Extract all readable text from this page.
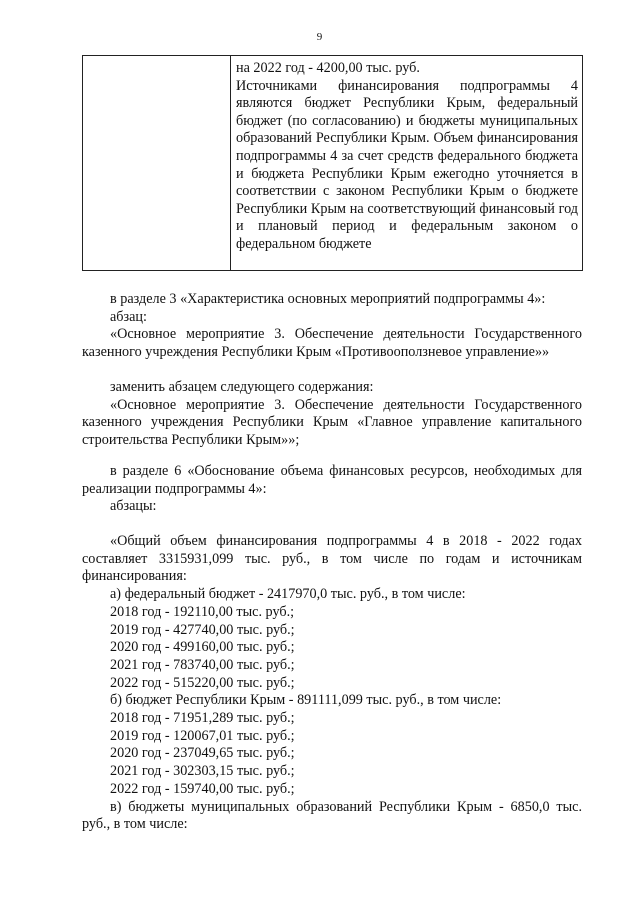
9

на 2022 год - 4200,00 тыс. руб.

Источниками финансирования подпрограммы 4 являются бюджет Республики Крым, федеральный бюджет (по согласованию) и бюджеты муниципальных образований Республики Крым. Объем финансирования подпрограммы 4 за счет средств федерального бюджета и бюджета Республики Крым ежегодно уточняется в соответствии с законом Республики Крым о бюджете Республики Крым на соответствующий финансовый год и плановый период и федеральным законом о федеральном бюджете

в разделе 3 «Характеристика основных мероприятий подпрограммы 4»:

абзац:

«Основное мероприятие 3. Обеспечение деятельности Государственного казенного учреждения Республики Крым «Противооползневое управление»»

заменить абзацем следующего содержания:

«Основное мероприятие 3. Обеспечение деятельности Государственного казенного учреждения Республики Крым «Главное управление капитального строительства Республики Крым»»;

в разделе 6 «Обоснование объема финансовых ресурсов, необходимых для реализации подпрограммы 4»:

абзацы:

«Общий объем финансирования подпрограммы 4 в 2018 - 2022 годах составляет 3315931,099 тыс. руб., в том числе по годам и источникам финансирования:

а) федеральный бюджет - 2417970,0 тыс. руб., в том числе:

2018 год - 192110,00 тыс. руб.;

2019 год - 427740,00 тыс. руб.;

2020 год - 499160,00 тыс. руб.;

2021 год - 783740,00 тыс. руб.;

2022 год - 515220,00 тыс. руб.;

б) бюджет Республики Крым - 891111,099 тыс. руб., в том числе:

2018 год - 71951,289 тыс. руб.;

2019 год - 120067,01 тыс. руб.;

2020 год - 237049,65 тыс. руб.;

2021 год - 302303,15 тыс. руб.;

2022 год - 159740,00 тыс. руб.;

в) бюджеты муниципальных образований Республики Крым - 6850,0 тыс. руб., в том числе:
